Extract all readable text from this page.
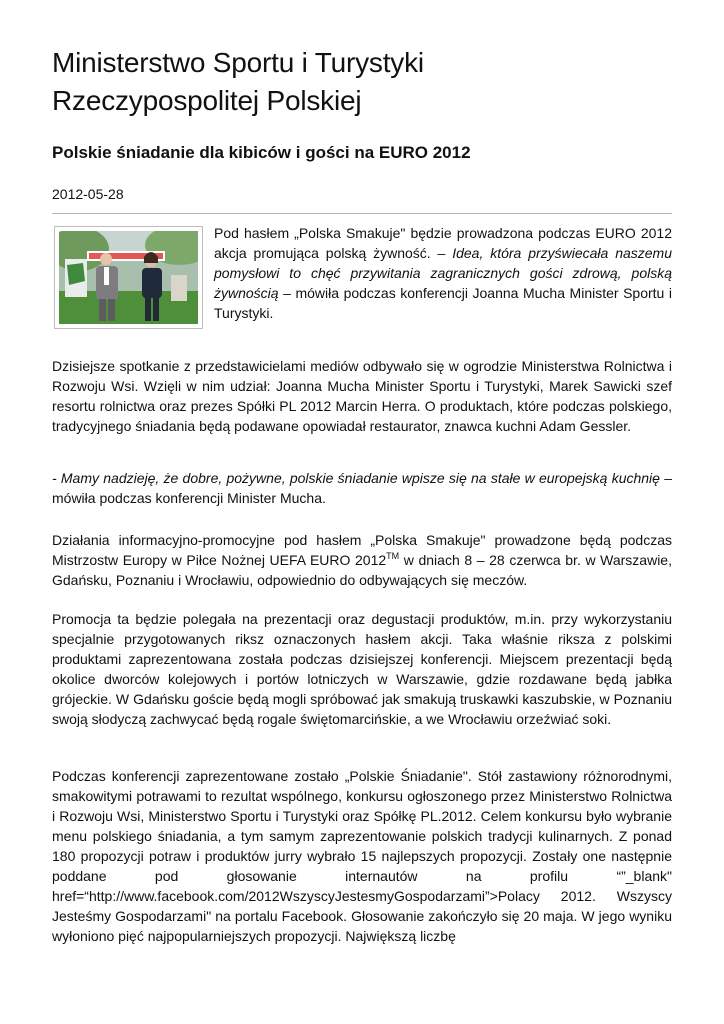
Ministerstwo Sportu i Turystyki
Rzeczypospolitej Polskiej
Polskie śniadanie dla kibiców i gości na EURO 2012
2012-05-28

Pod hasłem „Polska Smakuje" będzie prowadzona podczas EURO 2012 akcja promująca polską żywność. – Idea, która przyświecała naszemu pomysłowi to chęć przywitania zagranicznych gości zdrową, polską żywnością – mówiła podczas konferencji Joanna Mucha Minister Sportu i Turystyki.

Dzisiejsze spotkanie z przedstawicielami mediów odbywało się w ogrodzie Ministerstwa Rolnictwa i Rozwoju Wsi. Wzięli w nim udział: Joanna Mucha Minister Sportu i Turystyki, Marek Sawicki szef resortu rolnictwa oraz prezes Spółki PL 2012 Marcin Herra. O produktach, które podczas polskiego, tradycyjnego śniadania będą podawane opowiadał restaurator, znawca kuchni Adam Gessler.

- Mamy nadzieję, że dobre, pożywne, polskie śniadanie wpisze się na stałe w europejską kuchnię – mówiła podczas konferencji Minister Mucha.

Działania informacyjno-promocyjne pod hasłem „Polska Smakuje" prowadzone będą podczas Mistrzostw Europy w Piłce Nożnej UEFA EURO 2012™ w dniach 8 – 28 czerwca br. w Warszawie, Gdańsku, Poznaniu i Wrocławiu, odpowiednio do odbywających się meczów.

Promocja ta będzie polegała na prezentacji oraz degustacji produktów, m.in. przy wykorzystaniu specjalnie przygotowanych riksz oznaczonych hasłem akcji. Taka właśnie riksza z polskimi produktami zaprezentowana została podczas dzisiejszej konferencji. Miejscem prezentacji będą okolice dworców kolejowych i portów lotniczych w Warszawie, gdzie rozdawane będą jabłka grójeckie. W Gdańsku goście będą mogli spróbować jak smakują truskawki kaszubskie, w Poznaniu swoją słodyczą zachwycać będą rogale świętomarcińskie, a we Wrocławiu orzeźwiać soki.

Podczas konferencji zaprezentowane zostało „Polskie Śniadanie". Stół zastawiony różnorodnymi, smakowitymi potrawami to rezultat wspólnego, konkursu ogłoszonego przez Ministerstwo Rolnictwa i Rozwoju Wsi, Ministerstwo Sportu i Turystyki oraz Spółkę PL.2012. Celem konkursu było wybranie menu polskiego śniadania, a tym samym zaprezentowanie polskich tradycji kulinarnych. Z ponad 180 propozycji potraw i produktów jurry wybrało 15 najlepszych propozycji. Zostały one następnie poddane pod głosowanie internautów na profilu “”_blank" href=“http://www.facebook.com/2012WszyscyJestesmyGospodarzami”>Polacy 2012. Wszyscy Jesteśmy Gospodarzami" na portalu Facebook. Głosowanie zakończyło się 20 maja. W jego wyniku wyłoniono pięć najpopularniejszych propozycji. Największą liczbę
